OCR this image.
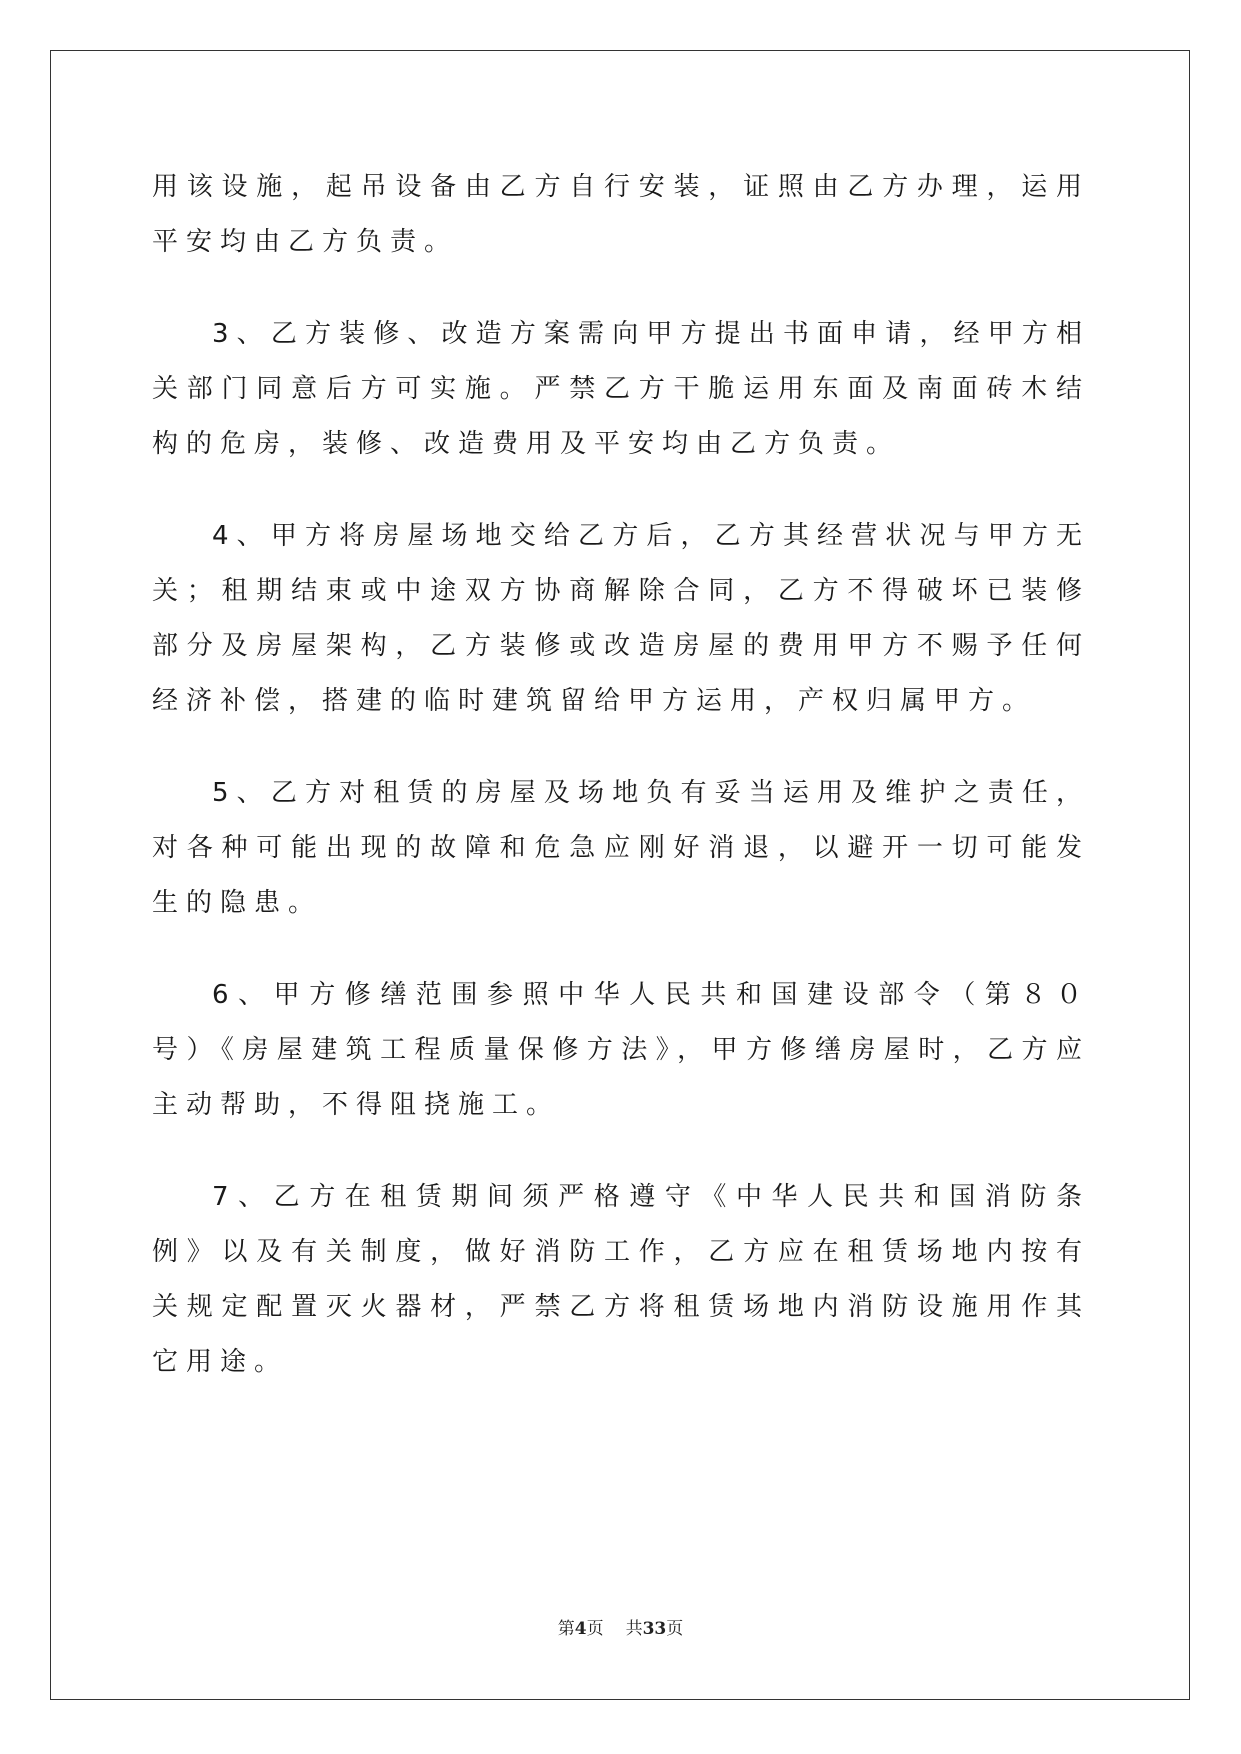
用该设施，起吊设备由乙方自行安装，证照由乙方办理，运用平安均由乙方负责。

3、乙方装修、改造方案需向甲方提出书面申请，经甲方相关部门同意后方可实施。严禁乙方干脆运用东面及南面砖木结构的危房，装修、改造费用及平安均由乙方负责。

4、甲方将房屋场地交给乙方后，乙方其经营状况与甲方无关；租期结束或中途双方协商解除合同，乙方不得破坏已装修部分及房屋架构，乙方装修或改造房屋的费用甲方不赐予任何经济补偿，搭建的临时建筑留给甲方运用，产权归属甲方。

5、乙方对租赁的房屋及场地负有妥当运用及维护之责任，对各种可能出现的故障和危急应刚好消退，以避开一切可能发生的隐患。

6、甲方修缮范围参照中华人民共和国建设部令（第８０号）《房屋建筑工程质量保修方法》，甲方修缮房屋时，乙方应主动帮助，不得阻挠施工。

7、乙方在租赁期间须严格遵守《中华人民共和国消防条例》以及有关制度，做好消防工作，乙方应在租赁场地内按有关规定配置灭火器材，严禁乙方将租赁场地内消防设施用作其它用途。

第4页 共33页
